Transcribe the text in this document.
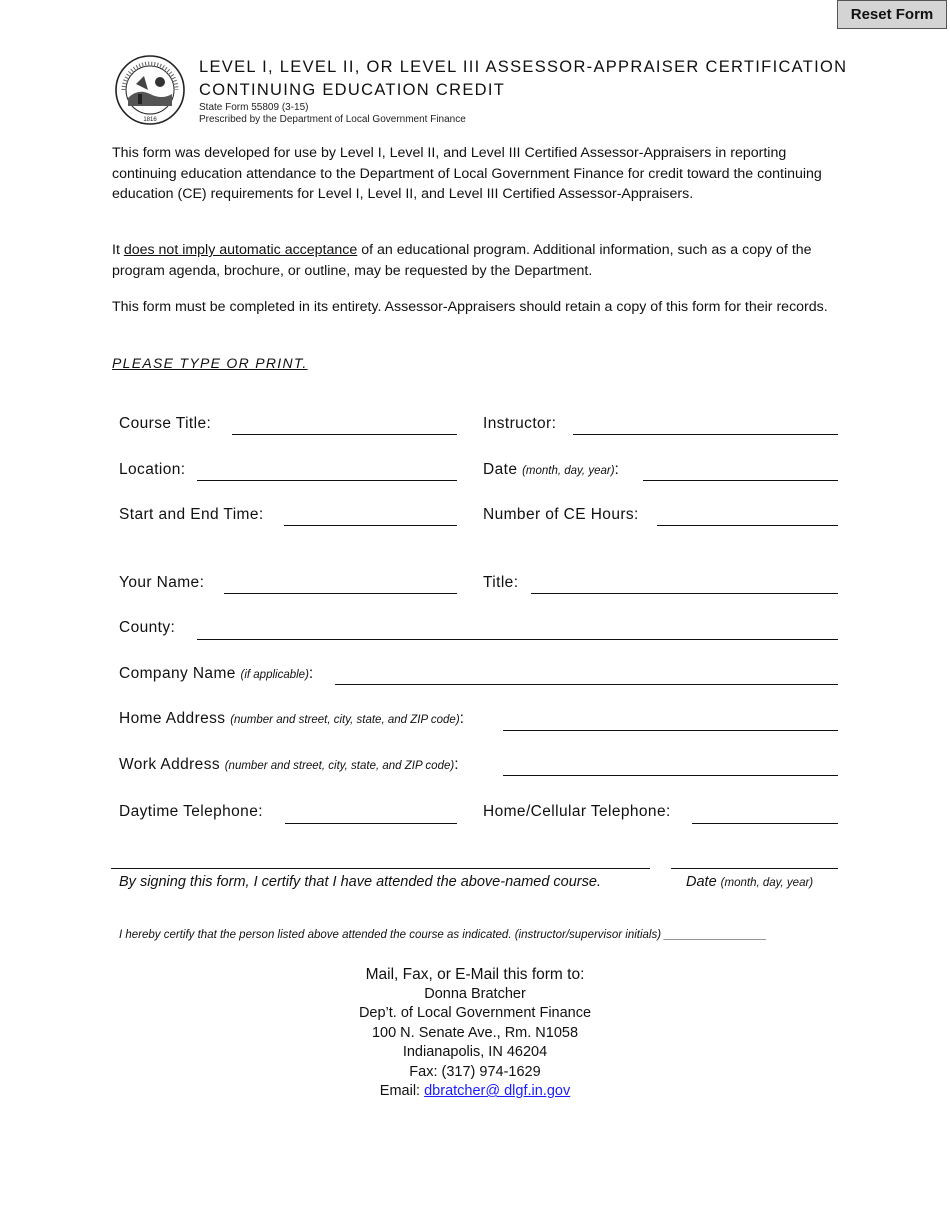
Reset Form
1816
LEVEL I, LEVEL II, OR LEVEL III ASSESSOR-APPRAISER CERTIFICATION
CONTINUING EDUCATION CREDIT
State Form 55809 (3-15)
Prescribed by the Department of Local Government Finance
This form was developed for use by Level I, Level II, and Level III Certified Assessor-Appraisers in reporting continuing education attendance to the Department of Local Government Finance for credit toward the continuing education (CE) requirements for Level I, Level II, and Level III Certified Assessor-Appraisers.
It does not imply automatic acceptance of an educational program. Additional information, such as a copy of the program agenda, brochure, or outline, may be requested by the Department.
This form must be completed in its entirety. Assessor-Appraisers should retain a copy of this form for their records.
PLEASE TYPE OR PRINT.
Course Title:	Instructor:
Location:	Date (month, day, year):
Start and End Time:	Number of CE Hours:
Your Name:	Title:
County:
Company Name (if applicable):
Home Address (number and street, city, state, and ZIP code):
Work Address (number and street, city, state, and ZIP code):
Daytime Telephone:	Home/Cellular Telephone:
By signing this form, I certify that I have attended the above-named course.	Date (month, day, year)
I hereby certify that the person listed above attended the course as indicated. (instructor/supervisor initials) ________________
Mail, Fax, or E-Mail this form to:
Donna Bratcher
Dep’t. of Local Government Finance
100 N. Senate Ave., Rm. N1058
Indianapolis, IN 46204
Fax: (317) 974-1629
Email: dbratcher@ dlgf.in.gov
